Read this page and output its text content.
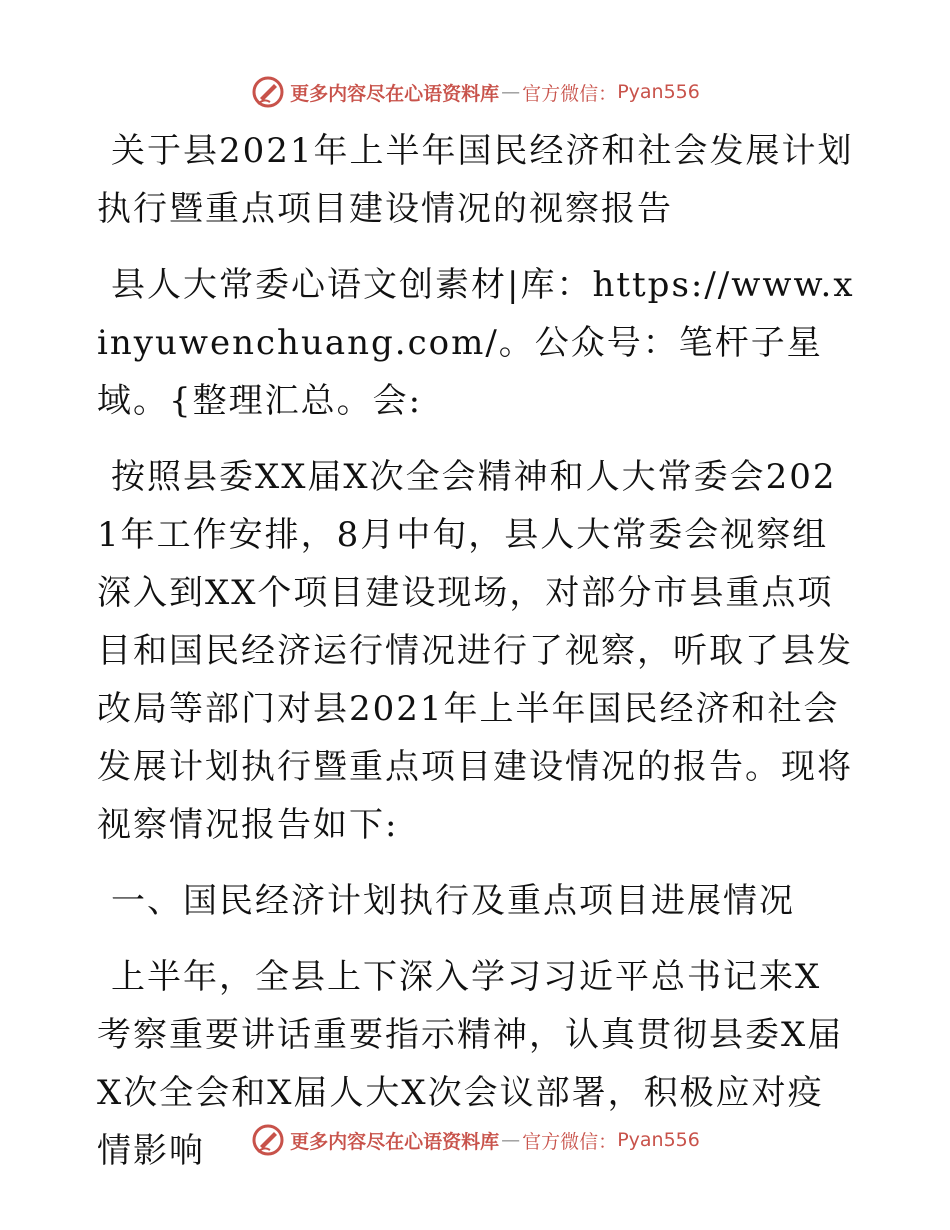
更多内容尽在心语资料库 — 官方微信： Pyan556

关于县2021年上半年国民经济和社会发展计划执行暨重点项目建设情况的视察报告

县人大常委心语文创素材|库：https://www.xinyuwenchuang.com/。公众号：笔杆子星域。{整理汇总。会:

按照县委XX届X次全会精神和人大常委会2021年工作安排，8月中旬，县人大常委会视察组深入到XX个项目建设现场，对部分市县重点项目和国民经济运行情况进行了视察，听取了县发改局等部门对县2021年上半年国民经济和社会发展计划执行暨重点项目建设情况的报告。现将视察情况报告如下:

一、国民经济计划执行及重点项目进展情况

上半年，全县上下深入学习习近平总书记来X考察重要讲话重要指示精神，认真贯彻县委X届X次全会和X届人大X次会议部署，积极应对疫情影响	更多内容尽在心语资料库 — 官方微信： Pyan556
